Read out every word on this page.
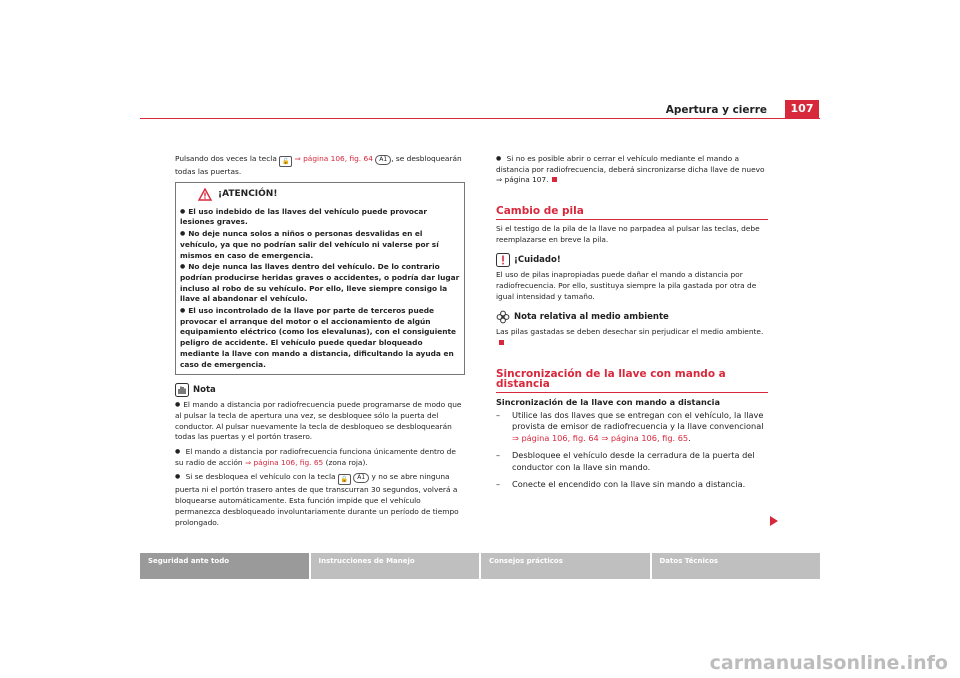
Apertura y cierre	107

Pulsando dos veces la tecla 🔓 ⇒ página 106, fig. 64 A1 , se desbloquearán todas las puertas.

¡ATENCIÓN!
● El uso indebido de las llaves del vehículo puede provocar lesiones graves.
● No deje nunca solos a niños o personas desvalidas en el vehículo, ya que no podrían salir del vehículo ni valerse por sí mismos en caso de emergencia.
● No deje nunca las llaves dentro del vehículo. De lo contrario podrían producirse heridas graves o accidentes, o podría dar lugar incluso al robo de su vehículo. Por ello, lleve siempre consigo la llave al abandonar el vehículo.
● El uso incontrolado de la llave por parte de terceros puede provocar el arranque del motor o el accionamiento de algún equipamiento eléctrico (como los elevalunas), con el consiguiente peligro de accidente. El vehículo puede quedar bloqueado mediante la llave con mando a distancia, dificultando la ayuda en caso de emergencia.
Nota

● El mando a distancia por radiofrecuencia puede programarse de modo que al pulsar la tecla de apertura una vez, se desbloquee sólo la puerta del conductor. Al pulsar nuevamente la tecla de desbloqueo se desbloquearán todas las puertas y el portón trasero.

● El mando a distancia por radiofrecuencia funciona únicamente dentro de su radio de acción ⇒ página 106, fig. 65 (zona roja).

● Si se desbloquea el vehículo con la tecla 🔓 A1 y no se abre ninguna puerta ni el portón trasero antes de que transcurran 30 segundos, volverá a bloquearse automáticamente. Esta función impide que el vehículo permanezca desbloqueado involuntariamente durante un período de tiempo prolongado.

● Si no es posible abrir o cerrar el vehículo mediante el mando a distancia por radiofrecuencia, deberá sincronizarse dicha llave de nuevo ⇒ página 107.

Cambio de pila

Si el testigo de la pila de la llave no parpadea al pulsar las teclas, debe reemplazarse en breve la pila.

¡Cuidado!

El uso de pilas inapropiadas puede dañar el mando a distancia por radiofrecuencia. Por ello, sustituya siempre la pila gastada por otra de igual intensidad y tamaño.

Nota relativa al medio ambiente

Las pilas gastadas se deben desechar sin perjudicar el medio ambiente.

Sincronización de la llave con mando a distancia
Sincronización de la llave con mando a distancia
–	Utilice las dos llaves que se entregan con el vehículo, la llave provista de emisor de radiofrecuencia y la llave convencional
⇒ página 106, fig. 64 ⇒ página 106, fig. 65.
–	Desbloquee el vehículo desde la cerradura de la puerta del conductor con la llave sin mando.
–	Conecte el encendido con la llave sin mando a distancia.
Seguridad ante todo	Instrucciones de Manejo	Consejos prácticos	Datos Técnicos
carmanualsonline.info
